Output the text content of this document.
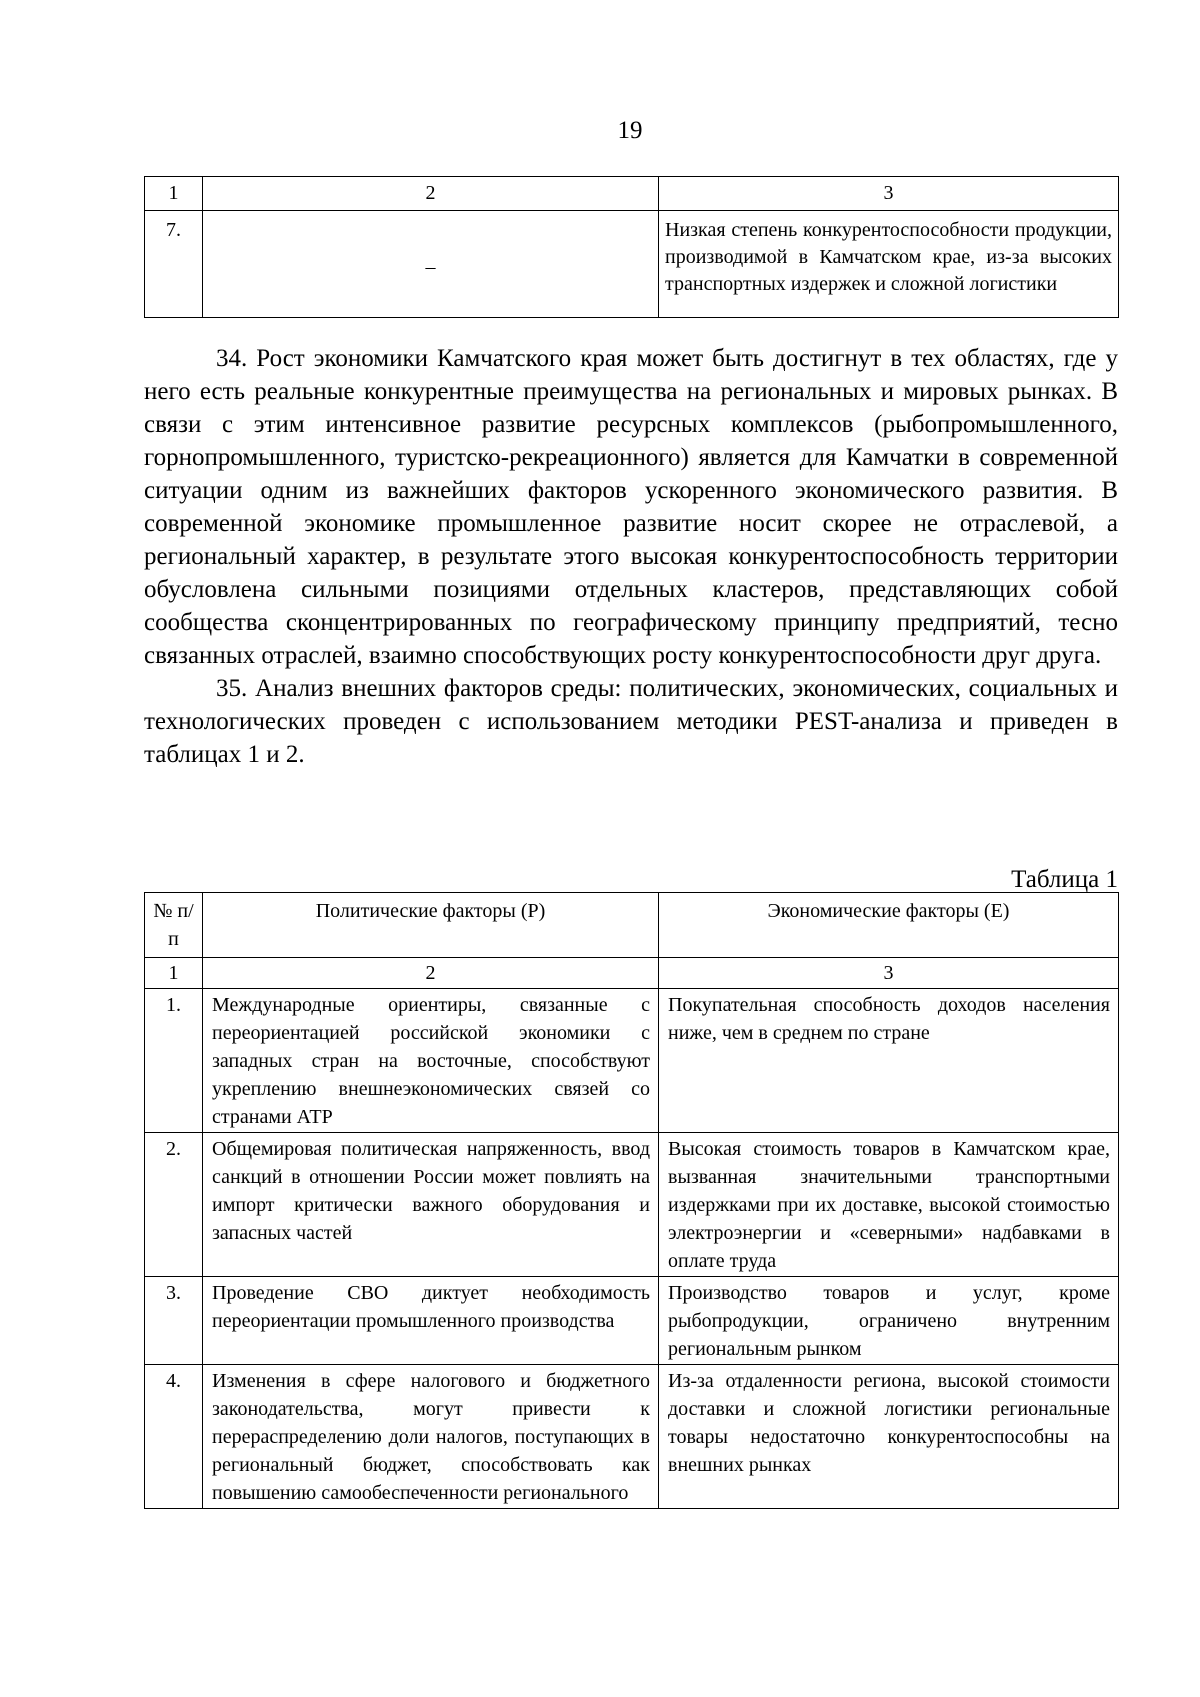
19
1	2	3
7.	–	Низкая степень конкурентоспособности продукции, производимой в Камчатском крае, из-за высоких транспортных издержек и сложной логистики

34. Рост экономики Камчатского края может быть достигнут в тех областях, где у него есть реальные конкурентные преимущества на региональных и мировых рынках. В связи с этим интенсивное развитие ресурсных комплексов (рыбопромышленного, горнопромышленного, туристско-рекреационного) является для Камчатки в современной ситуации одним из важнейших факторов ускоренного экономического развития. В современной экономике промышленное развитие носит скорее не отраслевой, а региональный характер, в результате этого высокая конкурентоспособность территории обусловлена сильными позициями отдельных кластеров, представляющих собой сообщества сконцентрированных по географическому принципу предприятий, тесно связанных отраслей, взаимно способствующих росту конкурентоспособности друг друга.

35. Анализ внешних факторов среды: политических, экономических, социальных и технологических проведен с использованием методики PEST-анализа и приведен в таблицах 1 и 2.

Таблица 1
№ п/п	Политические факторы (P)	Экономические факторы (E)
1	2	3
1.	Международные ориентиры, связанные с переориентацией российской экономики с западных стран на восточные, способствуют укреплению внешнеэкономических связей со странами АТР	Покупательная способность доходов населения ниже, чем в среднем по стране
2.	Общемировая политическая напряженность, ввод санкций в отношении России может повлиять на импорт критически важного оборудования и запасных частей	Высокая стоимость товаров в Камчатском крае, вызванная значительными транспортными издержками при их доставке, высокой стоимостью электроэнергии и «северными» надбавками в оплате труда
3.	Проведение СВО диктует необходимость переориентации промышленного производства	Производство товаров и услуг, кроме рыбопродукции, ограничено внутренним региональным рынком
4.	Изменения в сфере налогового и бюджетного законодательства, могут привести к перераспределению доли налогов, поступающих в региональный бюджет, способствовать как повышению самообеспеченности регионального	Из-за отдаленности региона, высокой стоимости доставки и сложной логистики региональные товары недостаточно конкурентоспособны на внешних рынках
